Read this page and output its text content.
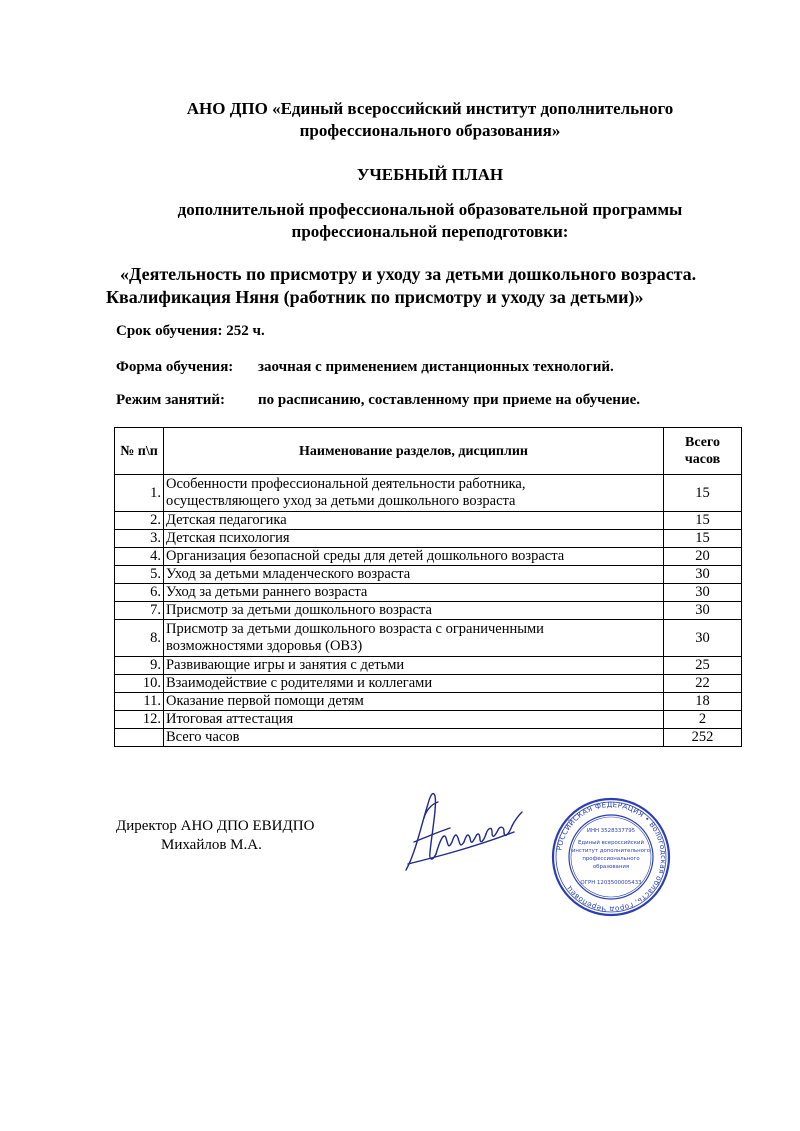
АНО ДПО «Единый всероссийский институт дополнительного
профессионального образования»
УЧЕБНЫЙ ПЛАН
дополнительной профессиональной образовательной программы
профессиональной переподготовки:
«Деятельность по присмотру и уходу за детьми дошкольного возраста.
Квалификация Няня (работник по присмотру и уходу за детьми)»
Срок обучения: 252 ч.
Форма обучения: заочная с применением дистанционных технологий.
Режим занятий: по расписанию, составленному при приеме на обучение.
№ п\п	Наименование разделов, дисциплин	Всего
часов

1.	Особенности профессиональной деятельности работника,
осуществляющего уход за детьми дошкольного возраста	15
2.	Детская педагогика	15
3.	Детская психология	15
4.	Организация безопасной среды для детей дошкольного возраста	20
5.	Уход за детьми младенческого возраста	30
6.	Уход за детьми раннего возраста	30
7.	Присмотр за детьми дошкольного возраста	30
8.	Присмотр за детьми дошкольного возраста с ограниченными
возможностями здоровья (ОВЗ)	30
9.	Развивающие игры и занятия с детьми	25
10.	Взаимодействие с родителями и коллегами	22
11.	Оказание первой помощи детям	18
12.	Итоговая аттестация	2
	Всего часов	252
Директор АНО ДПО ЕВИДПО
Михайлов М.А.	РОССИЙСКАЯ ФЕДЕРАЦИЯ • Вологодская область, город Череповец
ИНН 3528337795
Единый всероссийский
институт дополнительного
профессионального
образования
ОГРН 1203500005433
